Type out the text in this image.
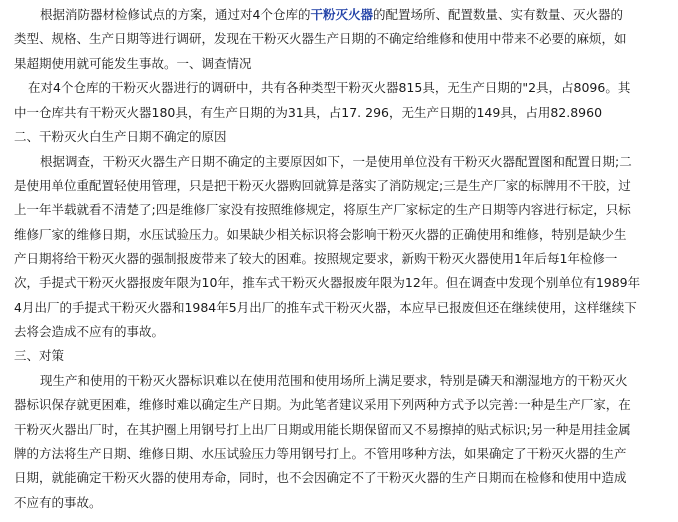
根据消防器材检修试点的方案，通过对4个仓库的干粉灭火器的配置场所、配置数量、实有数量、灭火器的
类型、规格、生产日期等进行调研，发现在干粉灭火器生产日期的不确定给维修和使用中带来不必要的麻烦，如
果超期使用就可能发生事故。一、调查情况
在对4个仓库的干粉灭火器进行的调研中，共有各种类型干粉灭火器815具，无生产日期的"2具，占8096。其
中一仓库共有干粉灭火器180具，有生产日期的为31具，占17. 296，无生产日期的149具，占用82.8960
二、干粉灭火白生产日期不确定的原因
根据调查，干粉灭火器生产日期不确定的主要原因如下，一是使用单位没有干粉灭火器配置图和配置日期;二
是使用单位重配置轻使用管理，只是把干粉灭火器购回就算是落实了消防规定;三是生产厂家的标牌用不干胶，过
上一年半载就看不清楚了;四是维修厂家没有按照维修规定，将原生产厂家标定的生产日期等内容进行标定，只标
维修厂家的维修日期，水压试验压力。如果缺少相关标识将会影响干粉灭火器的正确使用和维修，特别是缺少生
产日期将给干粉灭火器的强制报废带来了较大的困难。按照规定要求，新购干粉灭火器使用1年后每1年检修一
次，手提式干粉灭火器报废年限为10年，推车式干粉灭火器报废年限为12年。但在调查中发现个别单位有1989年
4月出厂的手提式干粉灭火器和1984年5月出厂的推车式干粉灭火器，本应早已报废但还在继续使用，这样继续下
去将会造成不应有的事故。
三、对策
现生产和使用的干粉灭火器标识难以在使用范围和使用场所上满足要求，特别是磷天和潮湿地方的干粉灭火
器标识保存就更困难，维修时难以确定生产日期。为此笔者建议采用下列两种方式予以完善:一种是生产厂家，在
干粉灭火器出厂时，在其护圈上用钢号打上出厂日期或用能长期保留而又不易擦掉的贴式标识;另一种是用挂金属
牌的方法将生产日期、维修日期、水压试验压力等用钢号打上。不管用哆种方法，如果确定了干粉灭火器的生产
日期，就能确定干粉灭火器的使用寿命，同时，也不会因确定不了干粉灭火器的生产日期而在检修和使用中造成
不应有的事故。
